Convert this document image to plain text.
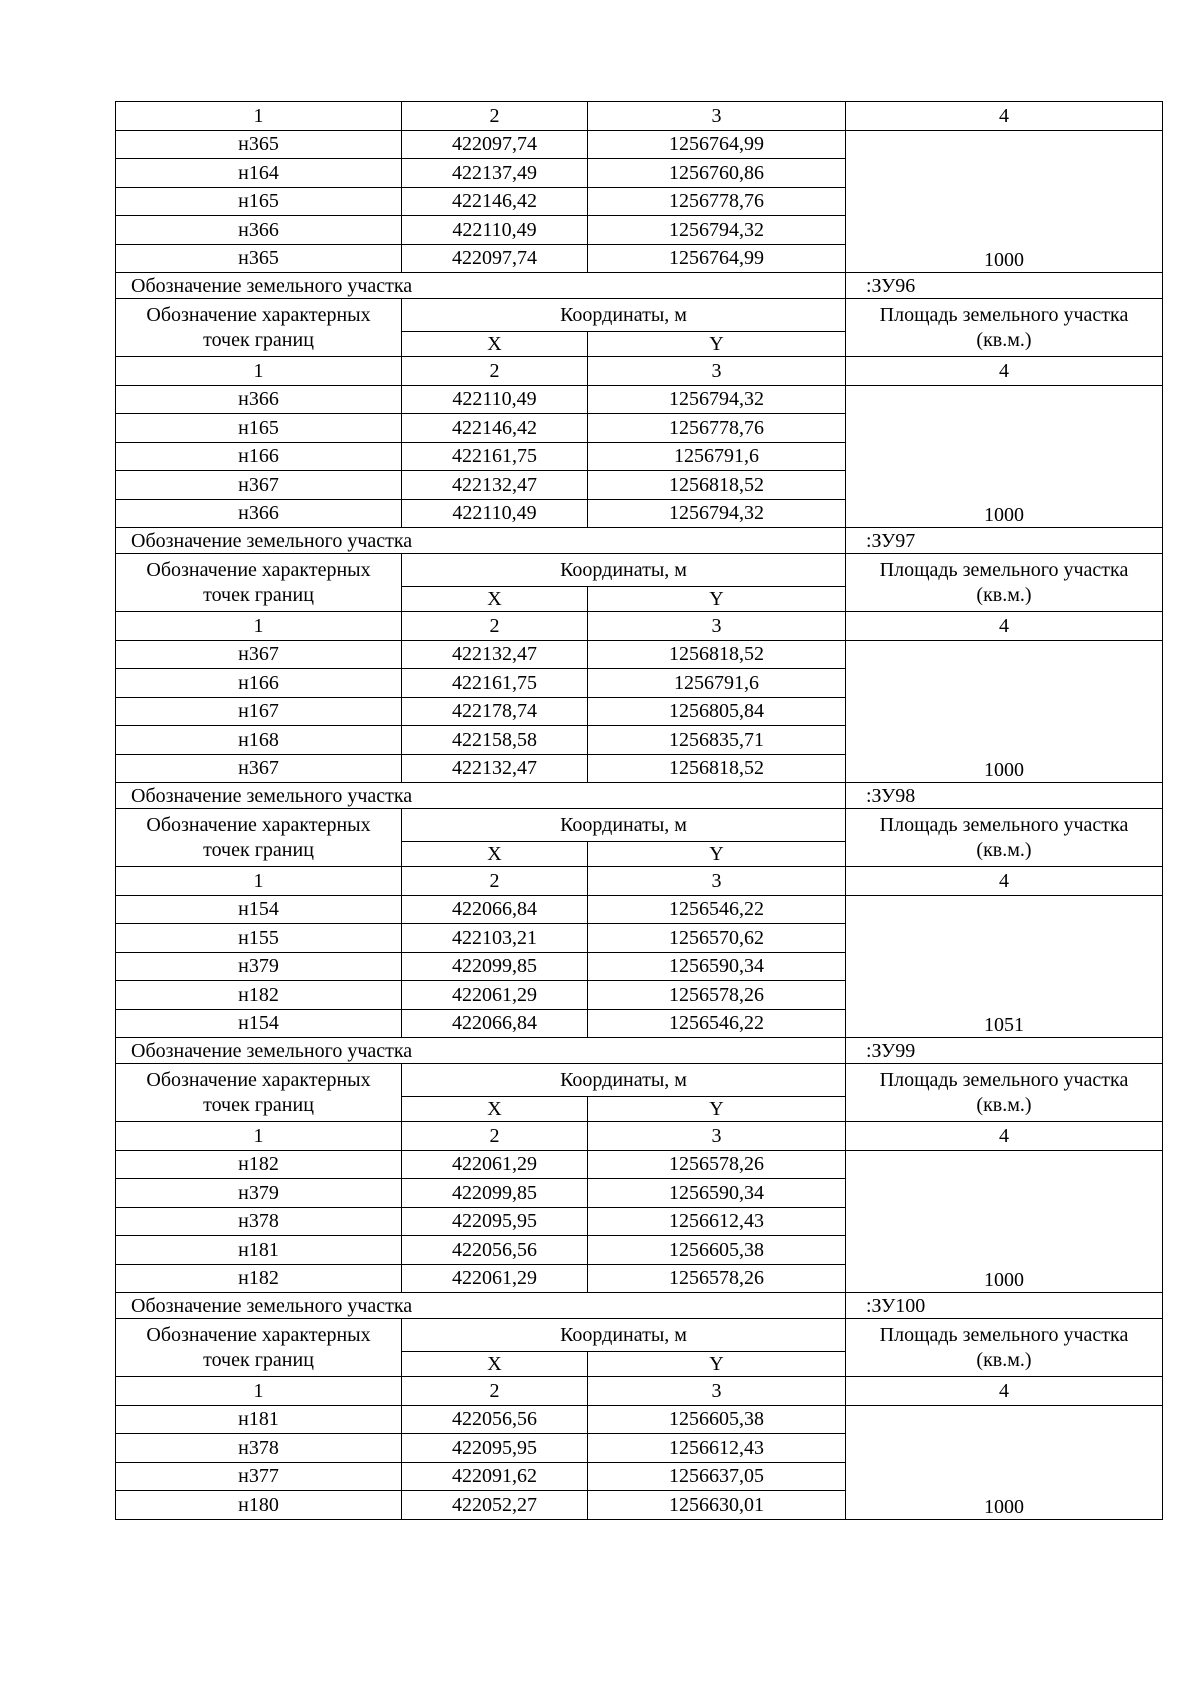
1	2	3	4
н365	422097,74	1256764,99	1000
н164	422137,49	1256760,86	
н165	422146,42	1256778,76	
н366	422110,49	1256794,32	
н365	422097,74	1256764,99	
Обозначение земельного участка			:ЗУ96
Обозначение характерных
точек границ	Координаты, м		Площадь земельного участка
(кв.м.)
	X	Y	
1	2	3	4
н366	422110,49	1256794,32	1000
н165	422146,42	1256778,76	
н166	422161,75	1256791,6	
н367	422132,47	1256818,52	
н366	422110,49	1256794,32	
Обозначение земельного участка			:ЗУ97
Обозначение характерных
точек границ	Координаты, м		Площадь земельного участка
(кв.м.)
	X	Y	
1	2	3	4
н367	422132,47	1256818,52	1000
н166	422161,75	1256791,6	
н167	422178,74	1256805,84	
н168	422158,58	1256835,71	
н367	422132,47	1256818,52	
Обозначение земельного участка			:ЗУ98
Обозначение характерных
точек границ	Координаты, м		Площадь земельного участка
(кв.м.)
	X	Y	
1	2	3	4
н154	422066,84	1256546,22	1051
н155	422103,21	1256570,62	
н379	422099,85	1256590,34	
н182	422061,29	1256578,26	
н154	422066,84	1256546,22	
Обозначение земельного участка			:ЗУ99
Обозначение характерных
точек границ	Координаты, м		Площадь земельного участка
(кв.м.)
	X	Y	
1	2	3	4
н182	422061,29	1256578,26	1000
н379	422099,85	1256590,34	
н378	422095,95	1256612,43	
н181	422056,56	1256605,38	
н182	422061,29	1256578,26	
Обозначение земельного участка			:ЗУ100
Обозначение характерных
точек границ	Координаты, м		Площадь земельного участка
(кв.м.)
	X	Y	
1	2	3	4
н181	422056,56	1256605,38	1000
н378	422095,95	1256612,43	
н377	422091,62	1256637,05	
н180	422052,27	1256630,01	
